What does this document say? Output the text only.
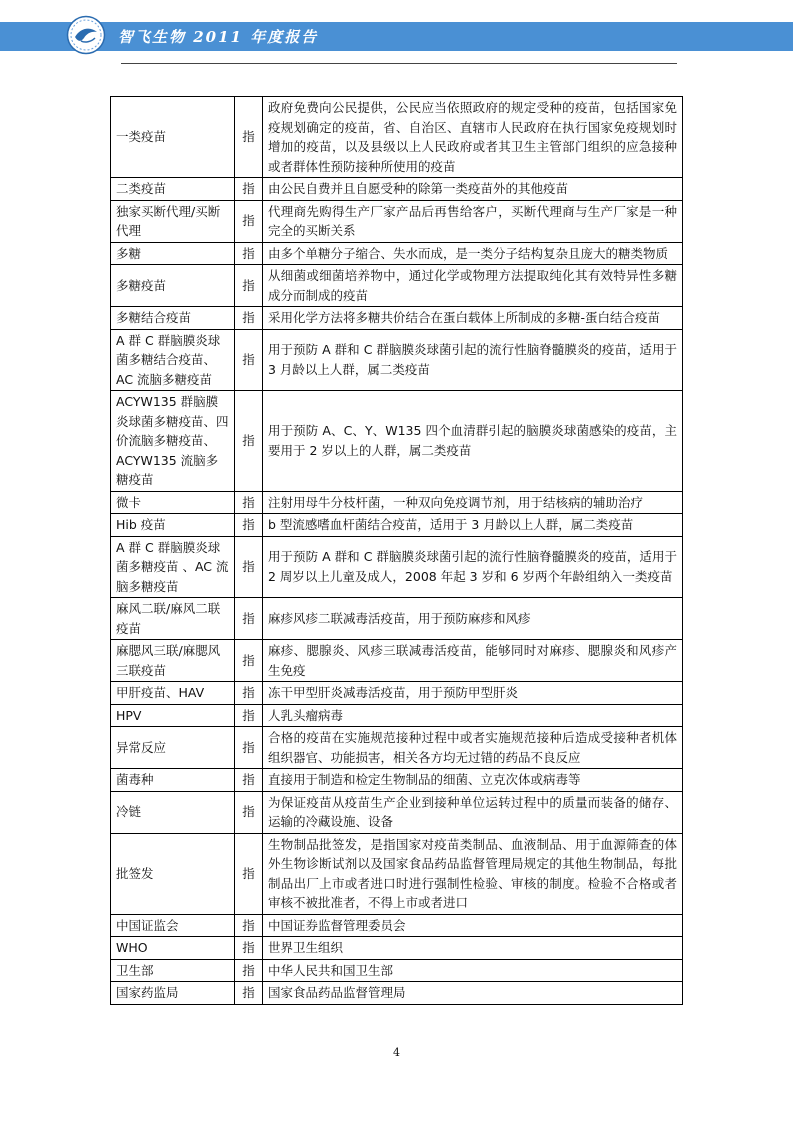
智飞生物 2011 年度报告
一类疫苗	指	政府免费向公民提供，公民应当依照政府的规定受种的疫苗，包括国家免疫规划确定的疫苗，省、自治区、直辖市人民政府在执行国家免疫规划时增加的疫苗，以及县级以上人民政府或者其卫生主管部门组织的应急接种或者群体性预防接种所使用的疫苗
二类疫苗	指	由公民自费并且自愿受种的除第一类疫苗外的其他疫苗
独家买断代理/买断代理	指	代理商先购得生产厂家产品后再售给客户，买断代理商与生产厂家是一种完全的买断关系
多糖	指	由多个单糖分子缩合、失水而成，是一类分子结构复杂且庞大的糖类物质
多糖疫苗	指	从细菌或细菌培养物中，通过化学或物理方法提取纯化其有效特异性多糖成分而制成的疫苗
多糖结合疫苗	指	采用化学方法将多糖共价结合在蛋白载体上所制成的多糖-蛋白结合疫苗
A 群 C 群脑膜炎球菌多糖结合疫苗、AC 流脑多糖疫苗	指	用于预防 A 群和 C 群脑膜炎球菌引起的流行性脑脊髓膜炎的疫苗，适用于 3 月龄以上人群，属二类疫苗
ACYW135 群脑膜炎球菌多糖疫苗、四价流脑多糖疫苗、ACYW135 流脑多糖疫苗	指	用于预防 A、C、Y、W135 四个血清群引起的脑膜炎球菌感染的疫苗，主要用于 2 岁以上的人群，属二类疫苗
微卡	指	注射用母牛分枝杆菌，一种双向免疫调节剂，用于结核病的辅助治疗
Hib 疫苗	指	b 型流感嗜血杆菌结合疫苗，适用于 3 月龄以上人群，属二类疫苗
A 群 C 群脑膜炎球菌多糖疫苗 、AC 流脑多糖疫苗	指	用于预防 A 群和 C 群脑膜炎球菌引起的流行性脑脊髓膜炎的疫苗，适用于 2 周岁以上儿童及成人，2008 年起 3 岁和 6 岁两个年龄组纳入一类疫苗
麻风二联/麻风二联疫苗	指	麻疹风疹二联减毒活疫苗，用于预防麻疹和风疹
麻腮风三联/麻腮风三联疫苗	指	麻疹、腮腺炎、风疹三联减毒活疫苗，能够同时对麻疹、腮腺炎和风疹产生免疫
甲肝疫苗、HAV	指	冻干甲型肝炎减毒活疫苗，用于预防甲型肝炎
HPV	指	人乳头瘤病毒
异常反应	指	合格的疫苗在实施规范接种过程中或者实施规范接种后造成受接种者机体组织器官、功能损害，相关各方均无过错的药品不良反应
菌毒种	指	直接用于制造和检定生物制品的细菌、立克次体或病毒等
冷链	指	为保证疫苗从疫苗生产企业到接种单位运转过程中的质量而装备的储存、运输的冷藏设施、设备
批签发	指	生物制品批签发，是指国家对疫苗类制品、血液制品、用于血源筛查的体外生物诊断试剂以及国家食品药品监督管理局规定的其他生物制品，每批制品出厂上市或者进口时进行强制性检验、审核的制度。检验不合格或者审核不被批准者，不得上市或者进口
中国证监会	指	中国证券监督管理委员会
WHO	指	世界卫生组织
卫生部	指	中华人民共和国卫生部
国家药监局	指	国家食品药品监督管理局
4
